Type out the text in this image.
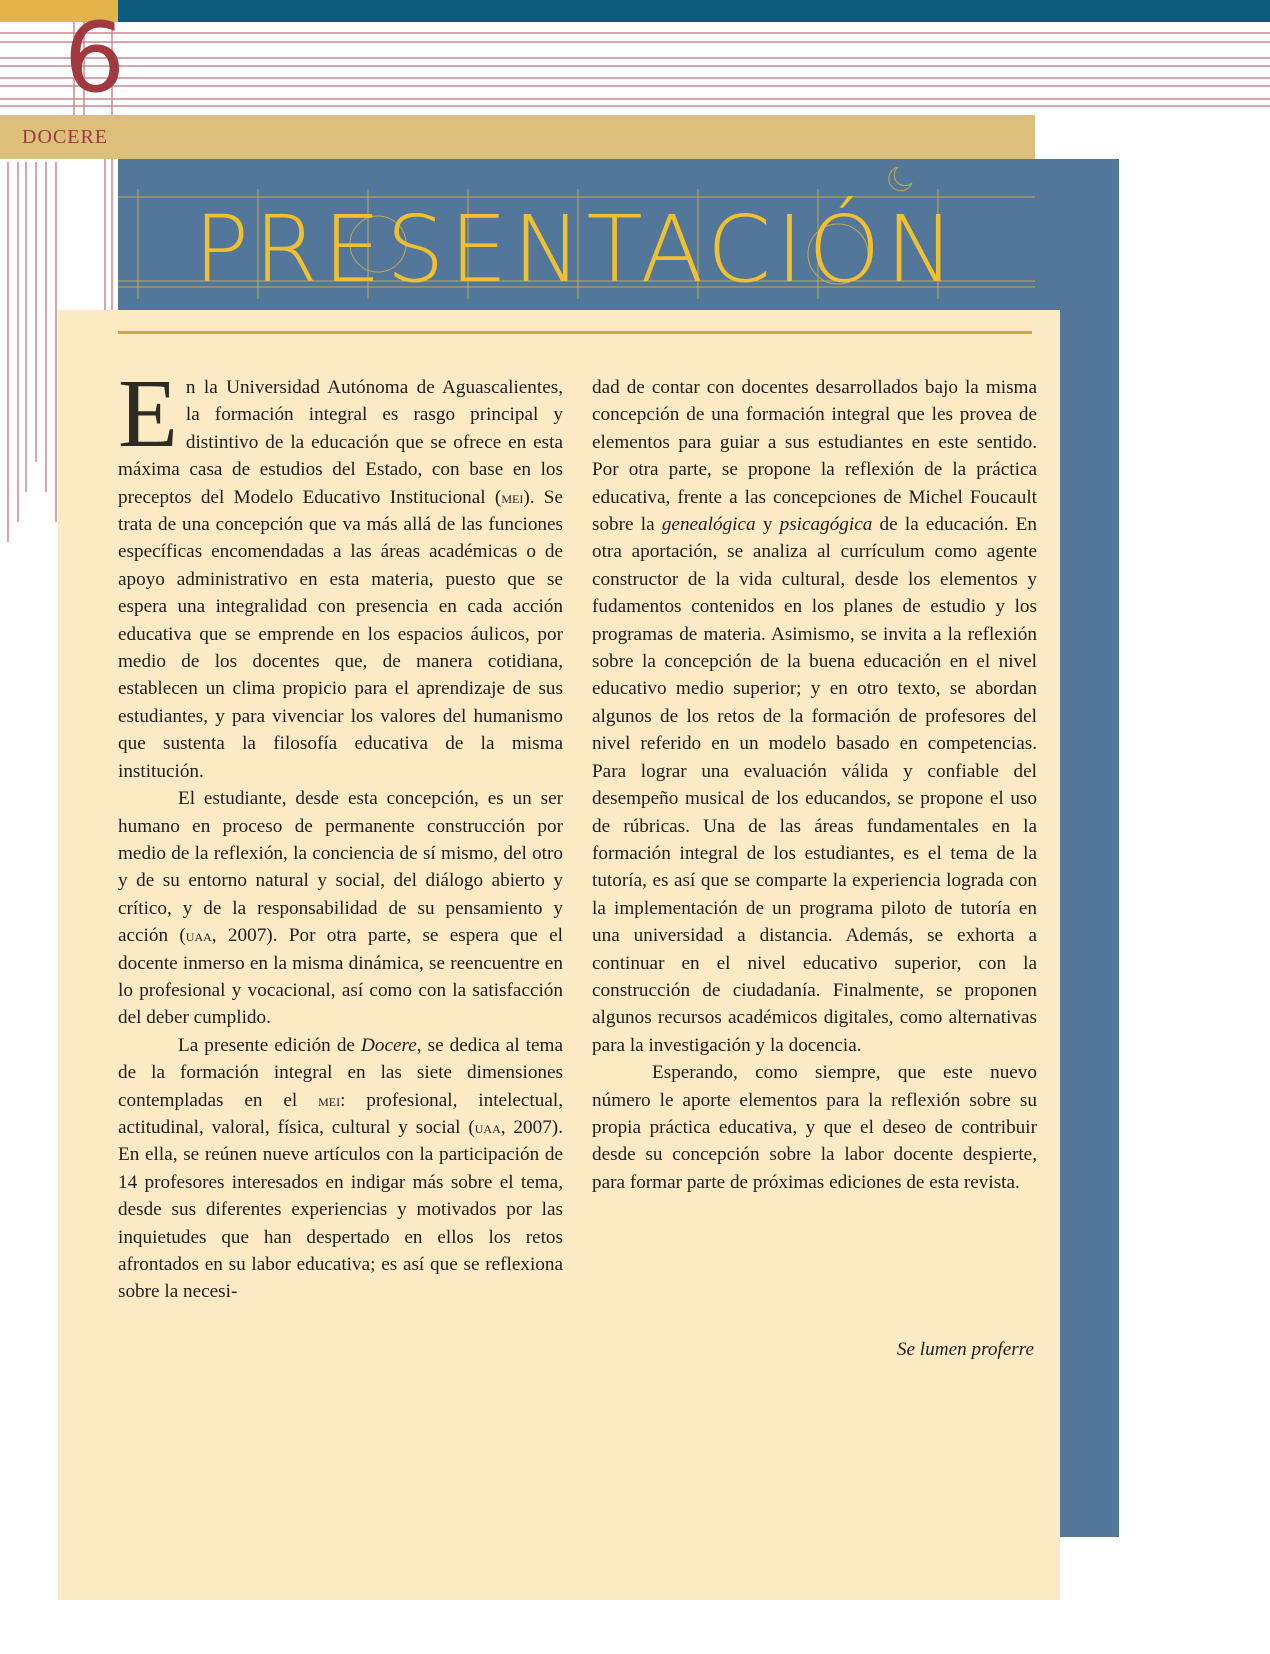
6
DOCERE
PRESENTACIÓN

En la Universidad Autónoma de Aguascalientes, la formación integral es rasgo principal y distintivo de la educación que se ofrece en esta máxima casa de estudios del Estado, con base en los preceptos del Modelo Educativo Institucional (mei). Se trata de una concepción que va más allá de las funciones específicas encomendadas a las áreas académicas o de apoyo administrativo en esta materia, puesto que se espera una integralidad con presencia en cada acción educativa que se emprende en los espacios áulicos, por medio de los docentes que, de manera cotidiana, establecen un clima propicio para el aprendizaje de sus estudiantes, y para vivenciar los valores del humanismo que sustenta la filosofía educativa de la misma institución.

El estudiante, desde esta concepción, es un ser humano en proceso de permanente construcción por medio de la reflexión, la conciencia de sí mismo, del otro y de su entorno natural y social, del diálogo abierto y crítico, y de la responsabilidad de su pensamiento y acción (uaa, 2007). Por otra parte, se espera que el docente inmerso en la misma dinámica, se reencuentre en lo profesional y vocacional, así como con la satisfacción del deber cumplido.

La presente edición de Docere, se dedica al tema de la formación integral en las siete dimensiones contempladas en el mei: profesional, intelectual, actitudinal, valoral, física, cultural y social (uaa, 2007). En ella, se reúnen nueve artículos con la participación de 14 profesores interesados en indigar más sobre el tema, desde sus diferentes experiencias y motivados por las inquietudes que han despertado en ellos los retos afrontados en su labor educativa; es así que se reflexiona sobre la necesi-

dad de contar con docentes desarrollados bajo la misma concepción de una formación integral que les provea de elementos para guiar a sus estudiantes en este sentido. Por otra parte, se propone la reflexión de la práctica educativa, frente a las concepciones de Michel Foucault sobre la genealógica y psicagógica de la educación. En otra aportación, se analiza al currículum como agente constructor de la vida cultural, desde los elementos y fudamentos contenidos en los planes de estudio y los programas de materia. Asimismo, se invita a la reflexión sobre la concepción de la buena educación en el nivel educativo medio superior; y en otro texto, se abordan algunos de los retos de la formación de profesores del nivel referido en un modelo basado en competencias. Para lograr una evaluación válida y confiable del desempeño musical de los educandos, se propone el uso de rúbricas. Una de las áreas fundamentales en la formación integral de los estudiantes, es el tema de la tutoría, es así que se comparte la experiencia lograda con la implementación de un programa piloto de tutoría en una universidad a distancia. Además, se exhorta a continuar en el nivel educativo superior, con la construcción de ciudadanía. Finalmente, se proponen algunos recursos académicos digitales, como alternativas para la investigación y la docencia.

Esperando, como siempre, que este nuevo número le aporte elementos para la reflexión sobre su propia práctica educativa, y que el deseo de contribuir desde su concepción sobre la labor docente despierte, para formar parte de próximas ediciones de esta revista.

Se lumen proferre
